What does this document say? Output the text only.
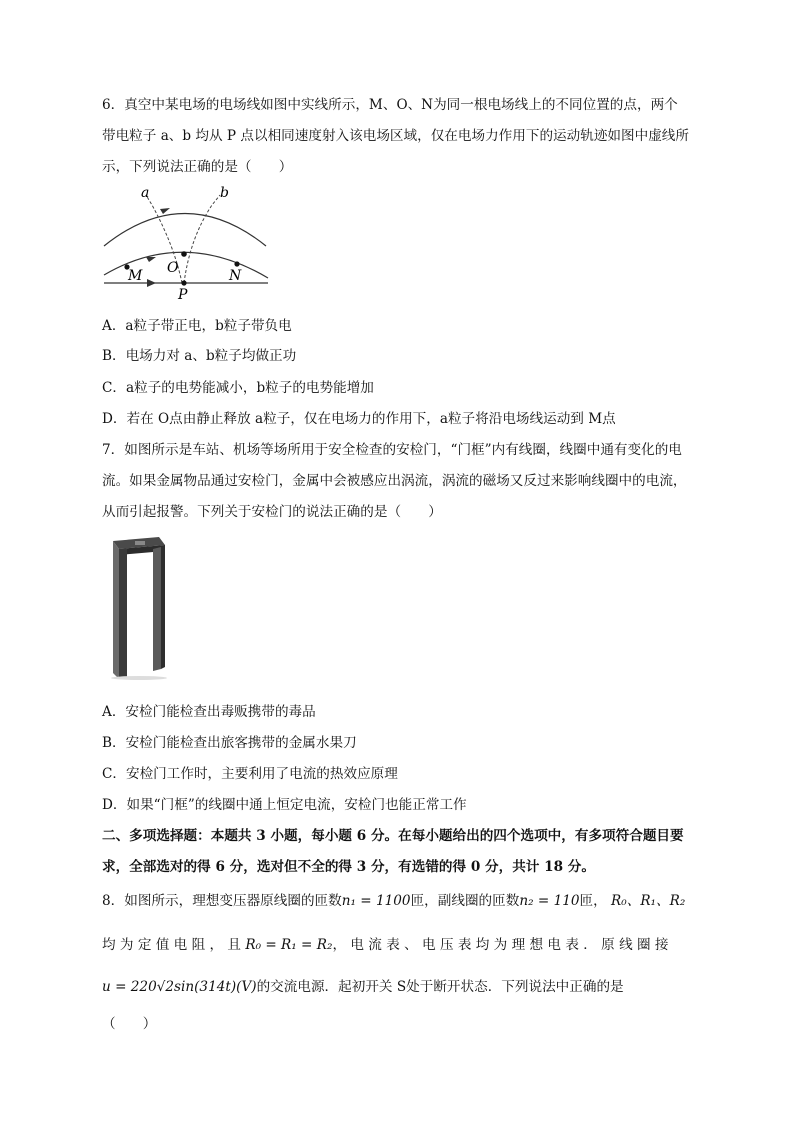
6．真空中某电场的电场线如图中实线所示，M、O、N为同一根电场线上的不同位置的点，两个
带电粒子 a、b 均从 P 点以相同速度射入该电场区域，仅在电场力作用下的运动轨迹如图中虚线所
示，下列说法正确的是（　　）
a	b
M O	N
P
A．a粒子带正电，b粒子带负电
B．电场力对 a、b粒子均做正功
C．a粒子的电势能减小，b粒子的电势能增加
D．若在 O点由静止释放 a粒子，仅在电场力的作用下，a粒子将沿电场线运动到 M点
7．如图所示是车站、机场等场所用于安全检查的安检门，“门框”内有线圈，线圈中通有变化的电
流。如果金属物品通过安检门，金属中会被感应出涡流，涡流的磁场又反过来影响线圈中的电流，
从而引起报警。下列关于安检门的说法正确的是（　　）
A．安检门能检查出毒贩携带的毒品
B．安检门能检查出旅客携带的金属水果刀
C．安检门工作时，主要利用了电流的热效应原理
D．如果“门框”的线圈中通上恒定电流，安检门也能正常工作
二、多项选择题：本题共 3 小题，每小题 6 分。在每小题给出的四个选项中，有多项符合题目要
求，全部选对的得 6 分，选对但不全的得 3 分，有选错的得 0 分，共计 18 分。
8．如图所示，理想变压器原线圈的匝数n₁ = 1100匝，副线圈的匝数n₂ = 110匝， R₀、R₁、R₂
均 为 定 值 电 阻 ， 且 R₀ = R₁ = R₂， 电 流 表 、 电 压 表 均 为 理 想 电 表 ． 原 线 圈 接
u = 220√2sin(314t)(V)的交流电源．起初开关 S处于断开状态．下列说法中正确的是
（　　）
